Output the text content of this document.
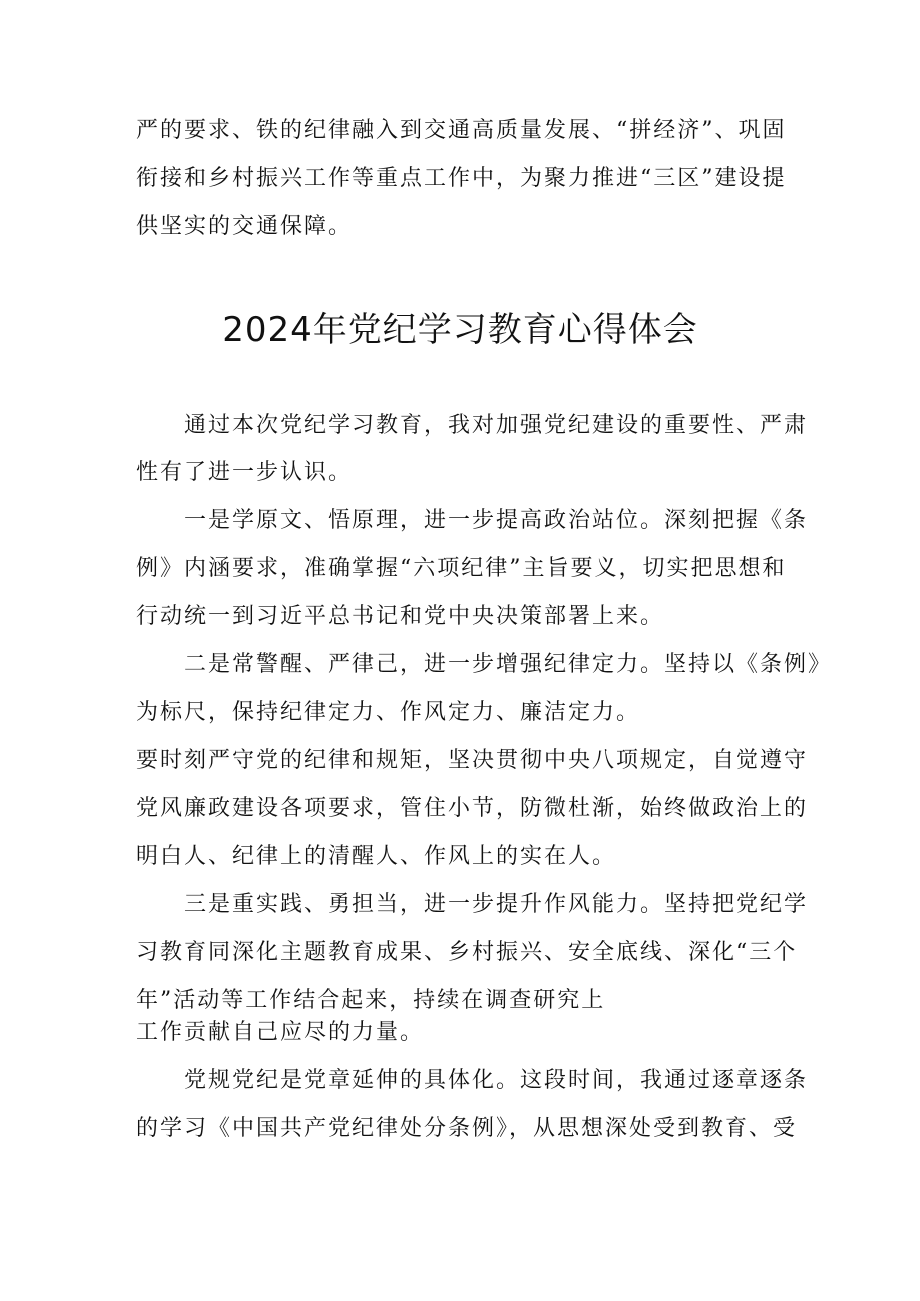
严的要求、铁的纪律融入到交通高质量发展、“拼经济”、巩固
衔接和乡村振兴工作等重点工作中，为聚力推进“三区”建设提
供坚实的交通保障。
2024年党纪学习教育心得体会
通过本次党纪学习教育，我对加强党纪建设的重要性、严肃
性有了进一步认识。
一是学原文、悟原理，进一步提高政治站位。深刻把握《条
例》内涵要求，准确掌握“六项纪律”主旨要义，切实把思想和
行动统一到习近平总书记和党中央决策部署上来。
二是常警醒、严律己，进一步增强纪律定力。坚持以《条例》
为标尺，保持纪律定力、作风定力、廉洁定力。
要时刻严守党的纪律和规矩，坚决贯彻中央八项规定，自觉遵守
党风廉政建设各项要求，管住小节，防微杜渐，始终做政治上的
明白人、纪律上的清醒人、作风上的实在人。
三是重实践、勇担当，进一步提升作风能力。坚持把党纪学
习教育同深化主题教育成果、乡村振兴、安全底线、深化“三个
年”活动等工作结合起来，持续在调查研究上
工作贡献自己应尽的力量。
党规党纪是党章延伸的具体化。这段时间，我通过逐章逐条
的学习《中国共产党纪律处分条例》，从思想深处受到教育、受
